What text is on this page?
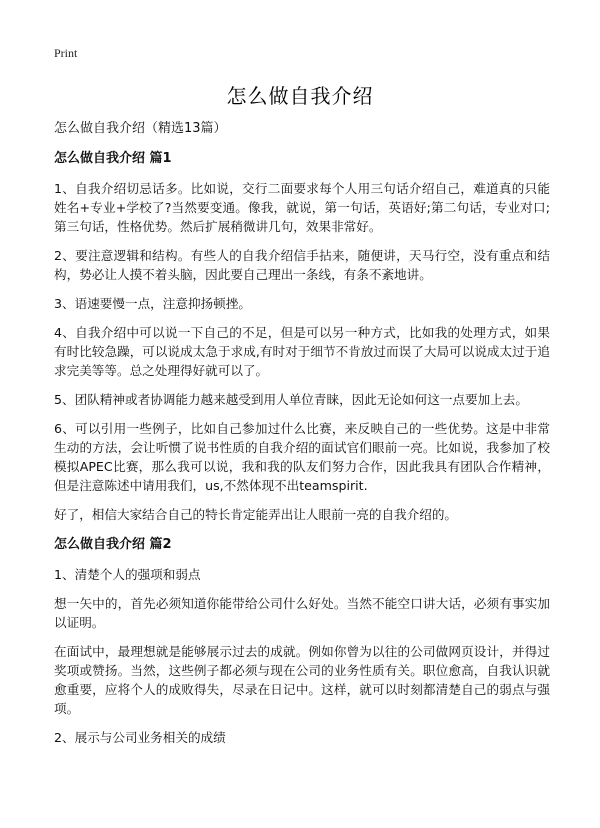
Print
怎么做自我介绍

怎么做自我介绍（精选13篇）

怎么做自我介绍 篇1

1、自我介绍切忌话多。比如说，交行二面要求每个人用三句话介绍自己，难道真的只能姓名+专业+学校了?当然要变通。像我，就说，第一句话，英语好;第二句话，专业对口;第三句话，性格优势。然后扩展稍微讲几句，效果非常好。

2、要注意逻辑和结构。有些人的自我介绍信手拈来，随便讲，天马行空，没有重点和结构，势必让人摸不着头脑，因此要自己理出一条线，有条不紊地讲。

3、语速要慢一点，注意抑扬顿挫。

4、自我介绍中可以说一下自己的不足，但是可以另一种方式，比如我的处理方式，如果有时比较急躁，可以说成太急于求成,有时对于细节不肯放过而误了大局可以说成太过于追求完美等等。总之处理得好就可以了。

5、团队精神或者协调能力越来越受到用人单位青睐，因此无论如何这一点要加上去。

6、可以引用一些例子，比如自己参加过什么比赛，来反映自己的一些优势。这是中非常生动的方法，会让听惯了说书性质的自我介绍的面试官们眼前一亮。比如说，我参加了校模拟APEC比赛，那么我可以说，我和我的队友们努力合作，因此我具有团队合作精神，但是注意陈述中请用我们，us,不然体现不出teamspirit.

好了，相信大家结合自己的特长肯定能弄出让人眼前一亮的自我介绍的。

怎么做自我介绍 篇2

1、清楚个人的强项和弱点

想一矢中的，首先必须知道你能带给公司什么好处。当然不能空口讲大话，必须有事实加以证明。

在面试中，最理想就是能够展示过去的成就。例如你曾为以往的公司做网页设计，并得过奖项或赞扬。当然，这些例子都必须与现在公司的业务性质有关。职位愈高，自我认识就愈重要，应将个人的成败得失，尽录在日记中。这样，就可以时刻都清楚自己的弱点与强项。

2、展示与公司业务相关的成绩
